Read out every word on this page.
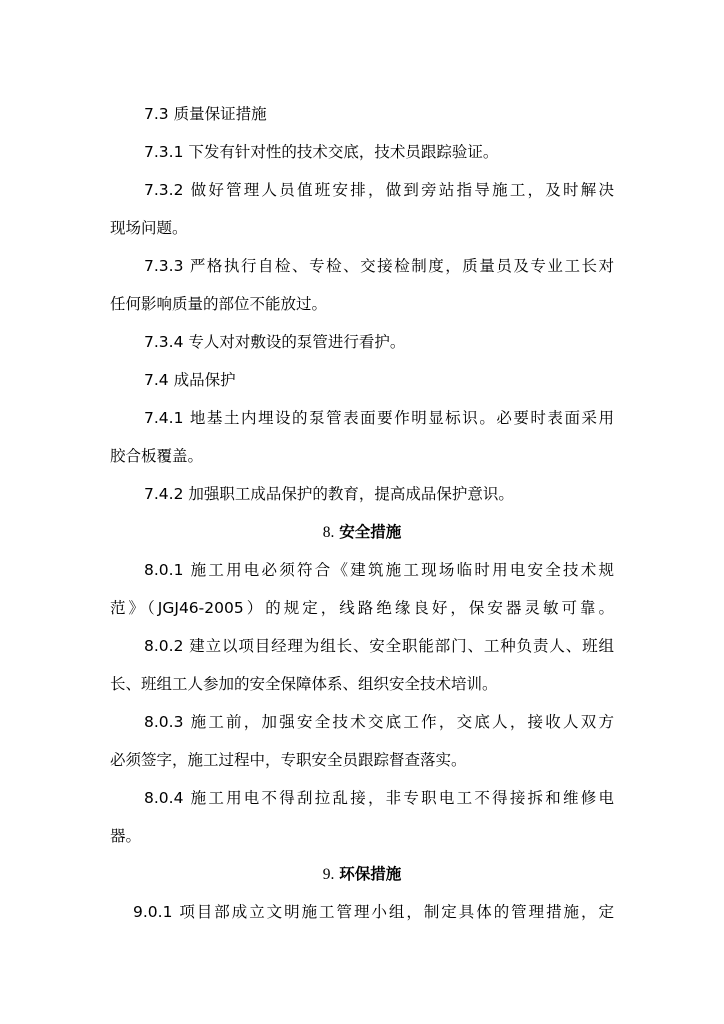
7.3 质量保证措施
7.3.1 下发有针对性的技术交底，技术员跟踪验证。
7.3.2 做好管理人员值班安排，做到旁站指导施工，及时解决
现场问题。
7.3.3 严格执行自检、专检、交接检制度，质量员及专业工长对
任何影响质量的部位不能放过。
7.3.4 专人对对敷设的泵管进行看护。
7.4 成品保护
7.4.1 地基土内埋设的泵管表面要作明显标识。必要时表面采用
胶合板覆盖。
7.4.2 加强职工成品保护的教育，提高成品保护意识。
8. 安全措施
8.0.1 施工用电必须符合《建筑施工现场临时用电安全技术规
范》（JGJ46-2005）的规定，线路绝缘良好，保安器灵敏可靠。
8.0.2 建立以项目经理为组长、安全职能部门、工种负责人、班组
长、班组工人参加的安全保障体系、组织安全技术培训。
8.0.3 施工前，加强安全技术交底工作，交底人，接收人双方
必须签字，施工过程中，专职安全员跟踪督查落实。
8.0.4 施工用电不得刮拉乱接，非专职电工不得接拆和维修电
器。
9. 环保措施
9.0.1 项目部成立文明施工管理小组，制定具体的管理措施，定
